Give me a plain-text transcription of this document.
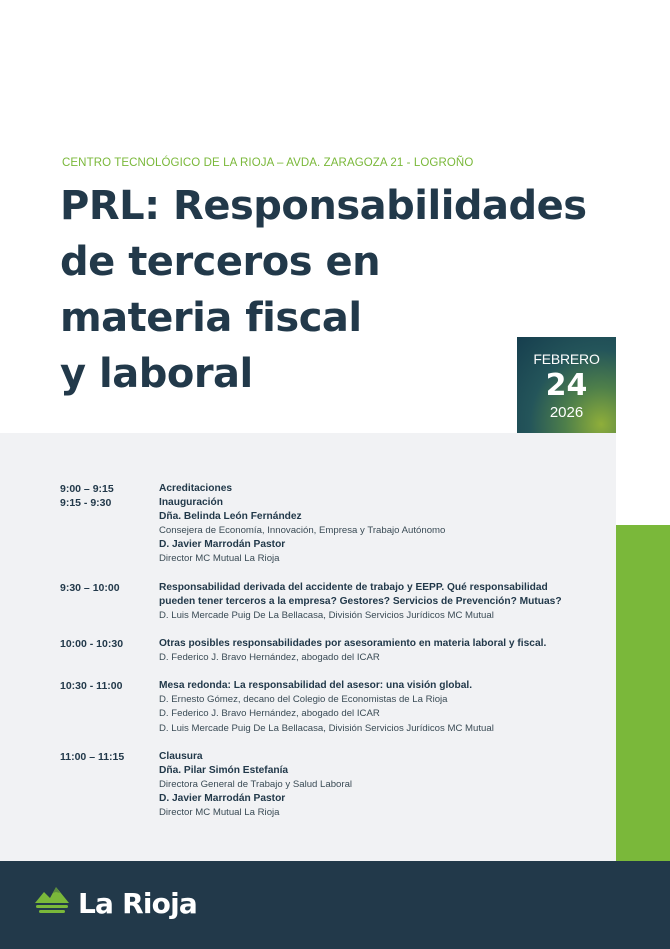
CENTRO TECNOLÓGICO DE LA RIOJA – AVDA. ZARAGOZA 21 - LOGROÑO
PRL: Responsabilidades
de terceros en
materia fiscal
y laboral	FEBRERO
24
2026
9:00 – 9:15	Acreditaciones
9:15 - 9:30	Inauguración
Dña. Belinda León Fernández
Consejera de Economía, Innovación, Empresa y Trabajo Autónomo
D. Javier Marrodán Pastor
Director MC Mutual La Rioja
9:30 – 10:00	Responsabilidad derivada del accidente de trabajo y EEPP. Qué responsabilidad
pueden tener terceros a la empresa? Gestores? Servicios de Prevención? Mutuas?
D. Luis Mercade Puig De La Bellacasa, División Servicios Jurídicos MC Mutual
10:00 - 10:30	Otras posibles responsabilidades por asesoramiento en materia laboral y fiscal.
D. Federico J. Bravo Hernández, abogado del ICAR
10:30 - 11:00	Mesa redonda: La responsabilidad del asesor: una visión global.
D. Ernesto Gómez, decano del Colegio de Economistas de La Rioja
D. Federico J. Bravo Hernández, abogado del ICAR
D. Luis Mercade Puig De La Bellacasa, División Servicios Jurídicos MC Mutual
11:00 – 11:15	Clausura
Dña. Pilar Simón Estefanía
Directora General de Trabajo y Salud Laboral
D. Javier Marrodán Pastor
Director MC Mutual La Rioja
La Rioja
